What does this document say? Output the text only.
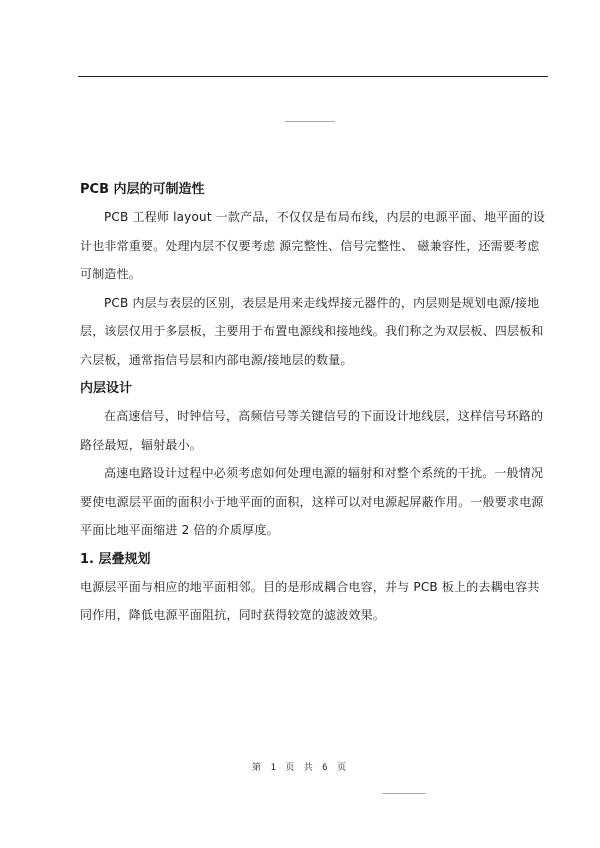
PCB 内层的可制造性

PCB 工程师 layout 一款产品，不仅仅是布局布线，内层的电源平面、地平面的设计也非常重要。处理内层不仅要考虑 源完整性、信号完整性、 磁兼容性，还需要考虑 可制造性。

PCB 内层与表层的区别，表层是用来走线焊接元器件的，内层则是规划电源/接地层，该层仅用于多层板，主要用于布置电源线和接地线。我们称之为双层板、四层板和六层板，通常指信号层和内部电源/接地层的数量。

内层设计

在高速信号，时钟信号，高频信号等关键信号的下面设计地线层，这样信号环路的路径最短，辐射最小。

高速电路设计过程中必须考虑如何处理电源的辐射和对整个系统的干扰。一般情况要使电源层平面的面积小于地平面的面积，这样可以对电源起屏蔽作用。一般要求电源平面比地平面缩进 2 倍的介质厚度。

1. 层叠规划

电源层平面与相应的地平面相邻。目的是形成耦合电容，并与 PCB 板上的去耦电容共同作用，降低电源平面阻抗，同时获得较宽的滤波效果。

第 1 页 共 6 页
